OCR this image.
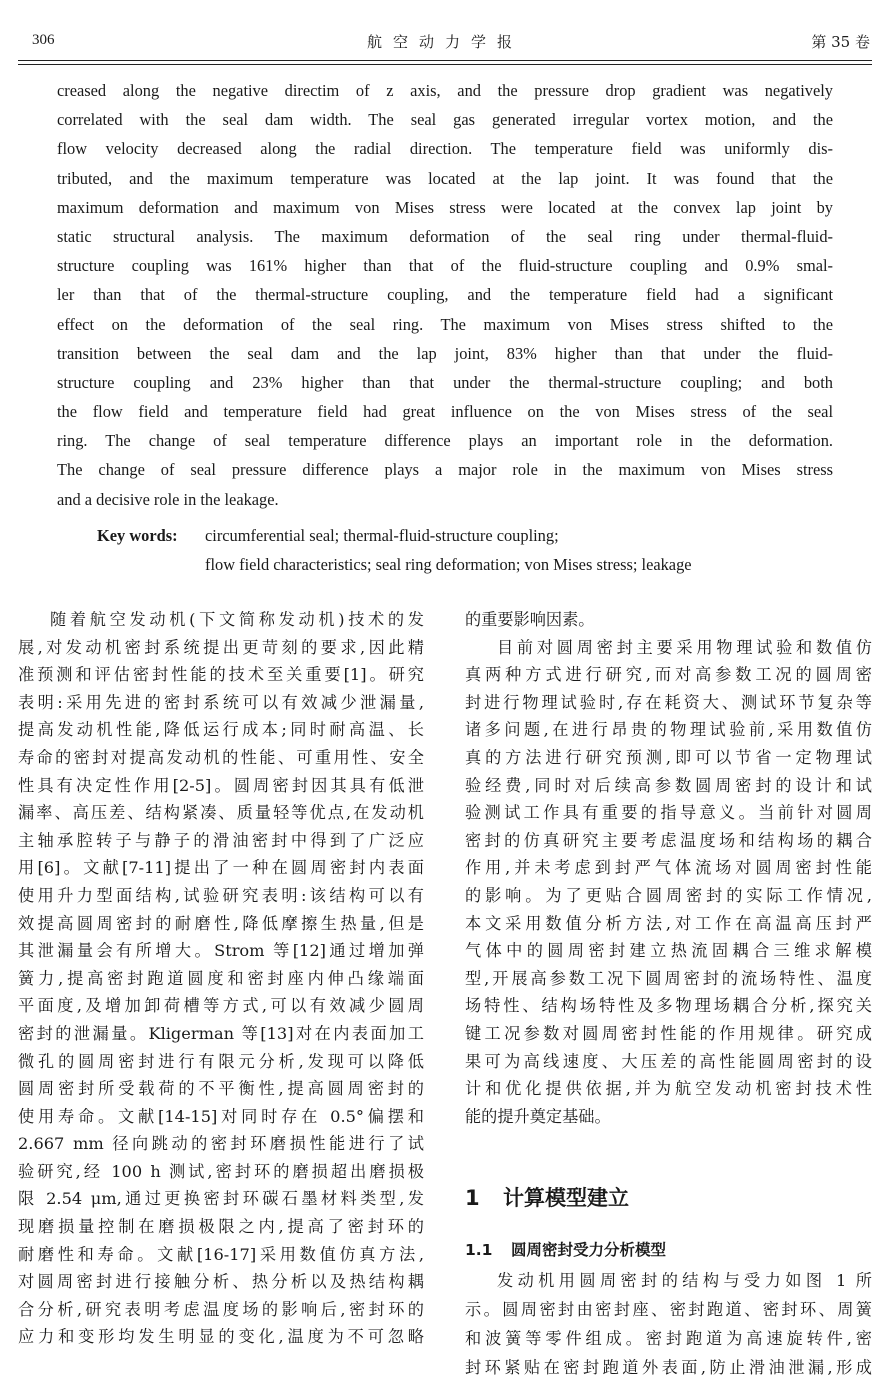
306	航空动力学报	第 35 卷
creased along the negative directim of z axis, and the pressure drop gradient was negatively
correlated with the seal dam width. The seal gas generated irregular vortex motion, and the
flow velocity decreased along the radial direction. The temperature field was uniformly dis-
tributed, and the maximum temperature was located at the lap joint. It was found that the
maximum deformation and maximum von Mises stress were located at the convex lap joint by
static structural analysis. The maximum deformation of the seal ring under thermal-fluid-
structure coupling was 161% higher than that of the fluid-structure coupling and 0.9% smal-
ler than that of the thermal-structure coupling, and the temperature field had a significant
effect on the deformation of the seal ring. The maximum von Mises stress shifted to the
transition between the seal dam and the lap joint, 83% higher than that under the fluid-
structure coupling and 23% higher than that under the thermal-structure coupling; and both
the flow field and temperature field had great influence on the von Mises stress of the seal
ring. The change of seal temperature difference plays an important role in the deformation.
The change of seal pressure difference plays a major role in the maximum von Mises stress
and a decisive role in the leakage.
Key words: circumferential seal; thermal-fluid-structure coupling;
flow field characteristics; seal ring deformation; von Mises stress; leakage
随着航空发动机(下文简称发动机)技术的发
展,对发动机密封系统提出更苛刻的要求,因此精
准预测和评估密封性能的技术至关重要[1]。研究
表明:采用先进的密封系统可以有效减少泄漏量,
提高发动机性能,降低运行成本;同时耐高温、长
寿命的密封对提高发动机的性能、可重用性、安全
性具有决定性作用[2-5]。圆周密封因其具有低泄
漏率、高压差、结构紧凑、质量轻等优点,在发动机
主轴承腔转子与静子的滑油密封中得到了广泛应
用[6]。文献[7-11]提出了一种在圆周密封内表面
使用升力型面结构,试验研究表明:该结构可以有
效提高圆周密封的耐磨性,降低摩擦生热量,但是
其泄漏量会有所增大。Strom 等[12]通过增加弹
簧力,提高密封跑道圆度和密封座内伸凸缘端面
平面度,及增加卸荷槽等方式,可以有效减少圆周
密封的泄漏量。Kligerman 等[13]对在内表面加工
微孔的圆周密封进行有限元分析,发现可以降低
圆周密封所受载荷的不平衡性,提高圆周密封的
使用寿命。文献[14-15]对同时存在 0.5°偏摆和
2.667 mm 径向跳动的密封环磨损性能进行了试
验研究,经 100 h 测试,密封环的磨损超出磨损极
限 2.54 μm,通过更换密封环碳石墨材料类型,发
现磨损量控制在磨损极限之内,提高了密封环的
耐磨性和寿命。文献[16-17]采用数值仿真方法,
对圆周密封进行接触分析、热分析以及热结构耦
合分析,研究表明考虑温度场的影响后,密封环的
应力和变形均发生明显的变化,温度为不可忽略
的重要影响因素。
目前对圆周密封主要采用物理试验和数值仿
真两种方式进行研究,而对高参数工况的圆周密
封进行物理试验时,存在耗资大、测试环节复杂等
诸多问题,在进行昂贵的物理试验前,采用数值仿
真的方法进行研究预测,即可以节省一定物理试
验经费,同时对后续高参数圆周密封的设计和试
验测试工作具有重要的指导意义。当前针对圆周
密封的仿真研究主要考虑温度场和结构场的耦合
作用,并未考虑到封严气体流场对圆周密封性能
的影响。为了更贴合圆周密封的实际工作情况,
本文采用数值分析方法,对工作在高温高压封严
气体中的圆周密封建立热流固耦合三维求解模
型,开展高参数工况下圆周密封的流场特性、温度
场特性、结构场特性及多物理场耦合分析,探究关
键工况参数对圆周密封性能的作用规律。研究成
果可为高线速度、大压差的高性能圆周密封的设
计和优化提供依据,并为航空发动机密封技术性
能的提升奠定基础。
1 计算模型建立
1.1 圆周密封受力分析模型
发动机用圆周密封的结构与受力如图 1 所
示。圆周密封由密封座、密封跑道、密封环、周簧
和波簧等零件组成。密封跑道为高速旋转件,密
封环紧贴在密封跑道外表面,防止滑油泄漏,形成
